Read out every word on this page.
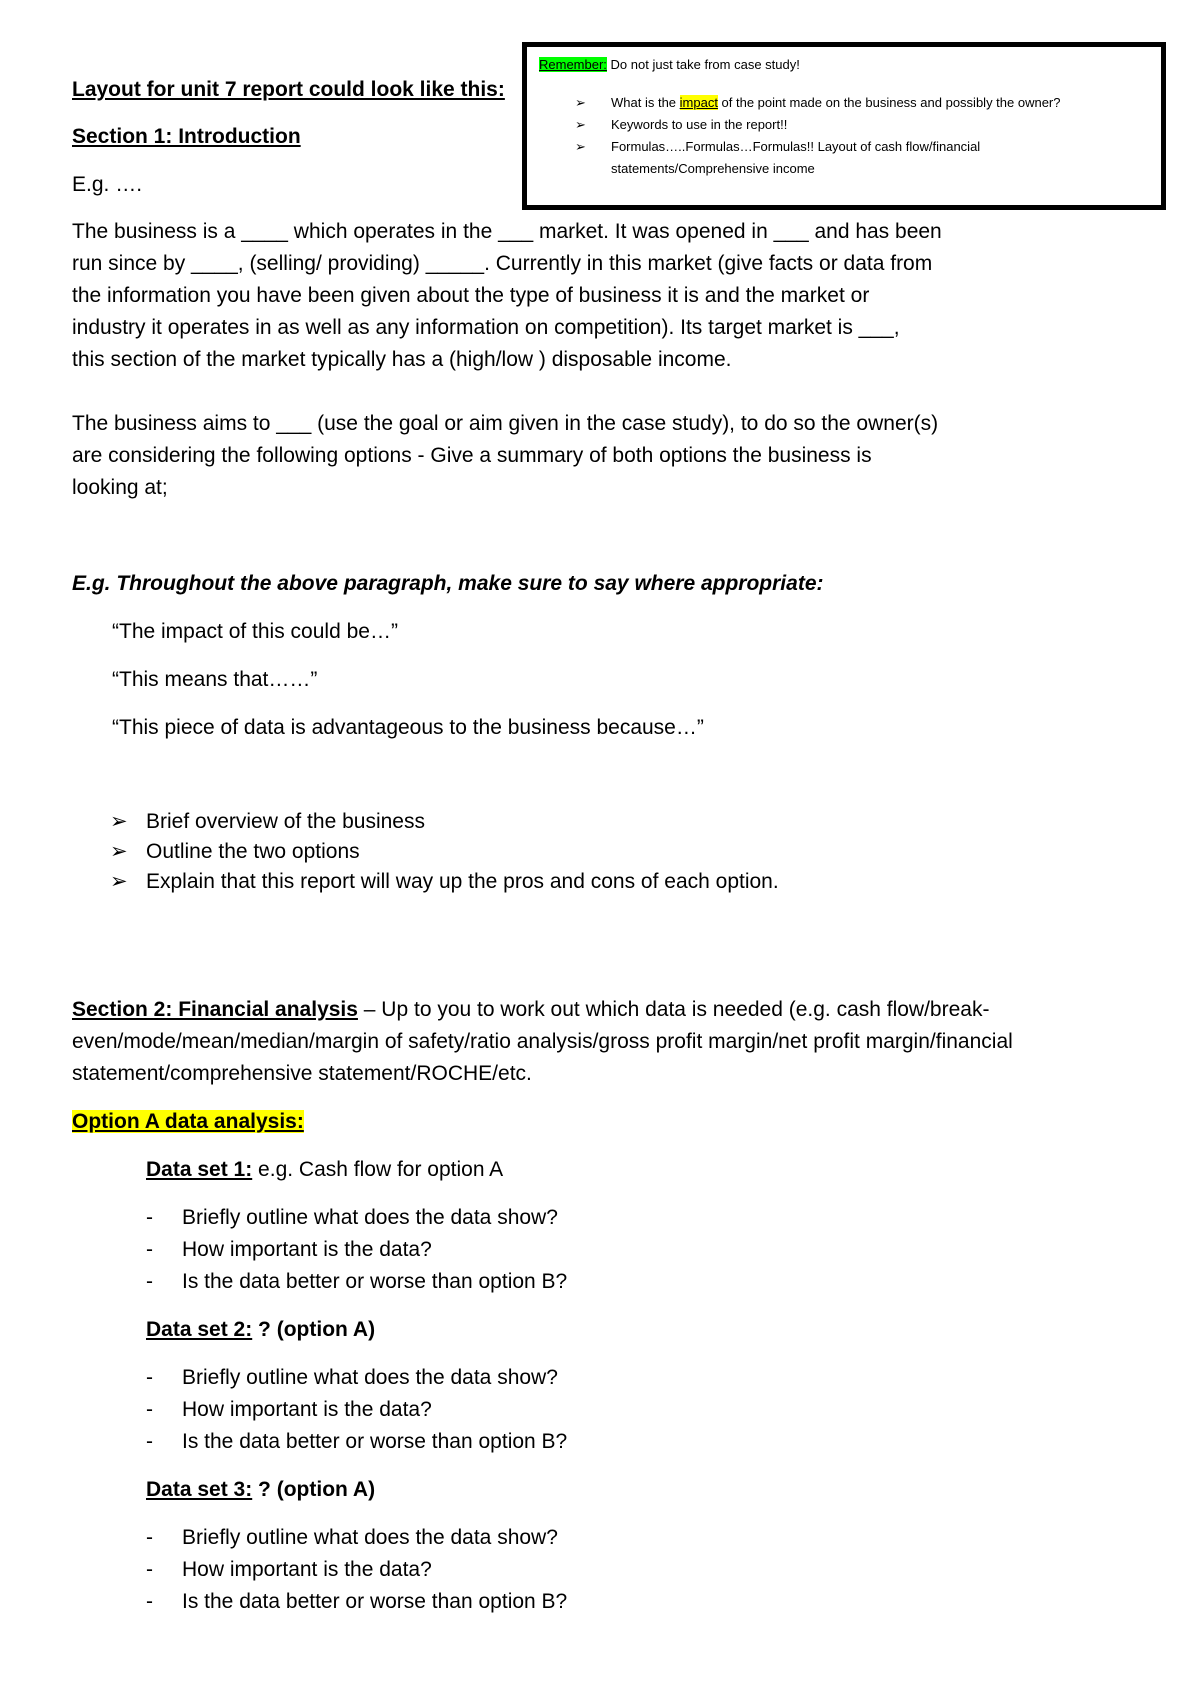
Remember: Do not just take from case study!
➢ What is the impact of the point made on the business and possibly the owner?
➢ Keywords to use in the report!!
➢ Formulas…..Formulas…Formulas!! Layout of cash flow/financial
statements/Comprehensive income
Layout for unit 7 report could look like this:
Section 1: Introduction
E.g. ….
The business is a ____ which operates in the ___ market. It was opened in ___ and has been
run since by ____, (selling/ providing) _____. Currently in this market (give facts or data from
the information you have been given about the type of business it is and the market or
industry it operates in as well as any information on competition). Its target market is ___,
this section of the market typically has a (high/low ) disposable income.
The business aims to ___ (use the goal or aim given in the case study), to do so the owner(s)
are considering the following options - Give a summary of both options the business is
looking at;
E.g. Throughout the above paragraph, make sure to say where appropriate:
“The impact of this could be…”
“This means that……”
“This piece of data is advantageous to the business because…”
➢ Brief overview of the business
➢ Outline the two options
➢ Explain that this report will way up the pros and cons of each option.
Section 2: Financial analysis – Up to you to work out which data is needed (e.g. cash flow/break-
even/mode/mean/median/margin of safety/ratio analysis/gross profit margin/net profit margin/financial
statement/comprehensive statement/ROCHE/etc.
Option A data analysis:
Data set 1: e.g. Cash flow for option A
- Briefly outline what does the data show?
- How important is the data?
- Is the data better or worse than option B?
Data set 2: ? (option A)
- Briefly outline what does the data show?
- How important is the data?
- Is the data better or worse than option B?
Data set 3: ? (option A)
- Briefly outline what does the data show?
- How important is the data?
- Is the data better or worse than option B?
